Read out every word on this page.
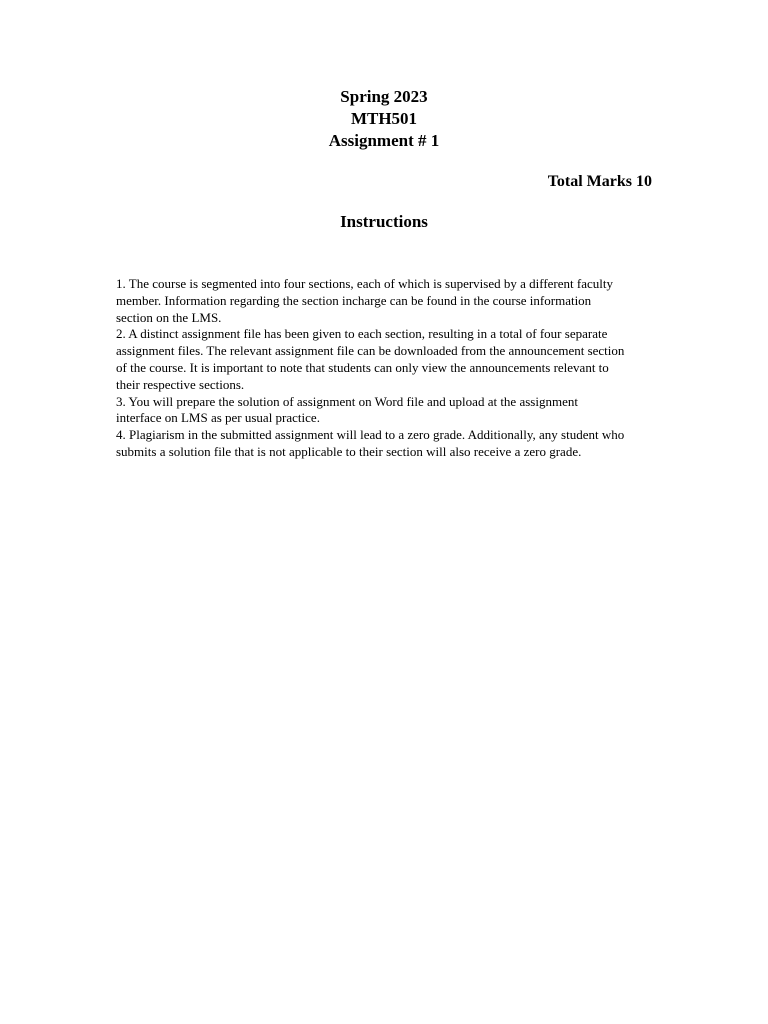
Spring 2023
MTH501
Assignment # 1
Total Marks 10
Instructions

1. The course is segmented into four sections, each of which is supervised by a different faculty member. Information regarding the section incharge can be found in the course information section on the LMS.

2. A distinct assignment file has been given to each section, resulting in a total of four separate assignment files. The relevant assignment file can be downloaded from the announcement section of the course. It is important to note that students can only view the announcements relevant to their respective sections.

3. You will prepare the solution of assignment on Word file and upload at the assignment interface on LMS as per usual practice.

4. Plagiarism in the submitted assignment will lead to a zero grade. Additionally, any student who submits a solution file that is not applicable to their section will also receive a zero grade.
